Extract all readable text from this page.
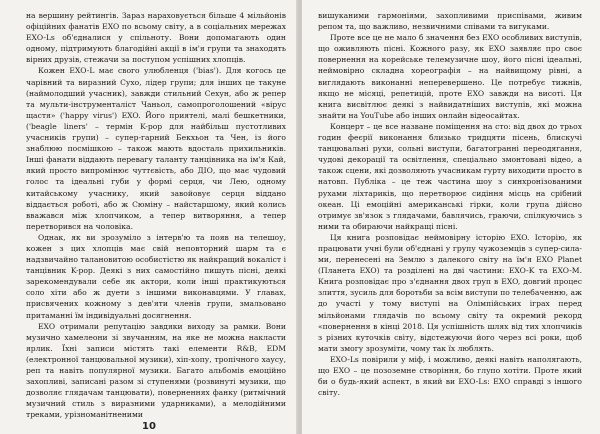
на вершину рейтингів. Зараз нараховується більше 4 мільйонів офіційних фанатів EXO по всьому світу, а в соціальних мережах EXO-Ls об'єдналися у спільноту. Вони допомагають один одному, підтримують благодійні акції в ім'я групи та знаходять вірних друзів, стежачи за поступом успішних хлопців.

Кожен EXO-L має свого улюбленця ('bias'). Для когось це чарівний та виразний Сухо, лідер групи; для інших це такуне (наймолодший учасник), завжди стильний Сехун, або ж репер та мульти-інструменталіст Чаньол, самопроголошений «вірус щастя» ('happy virus') EXO. Його приятелі, малі бешкетники, ('beagle liners' – термін K-pop для найбільш пустотливих учасників групи) – супер-гарний Бекхьон та Чен, із його знаблюю посмішкою – також мають вдосталь прихильників. Інші фанати віддають перевагу таланту танцівника на ім'я Кай, який просто випромінює чуттєвість, або ДІО, що має чудовий голос та ідеальні губи у формі серця, чи Лею, одному китайському учаснику, який завойовує серця віддано віддається роботі, або ж Сюміну – найстаршому, який колись вважався між хлопчиком, а тепер витворяння, а тепер перетворився на чоловіка.

Однак, як ви зрозуміло з інтерв'ю та появ на телешоу, кожен з цих хлопців має свій неповторний шарм та є надзвичайно талановитою особистістю як найкращий вокаліст і танцівник K-pop. Деякі з них самостійно пишуть пісні, деякі зарекомендували себе як актори, коли інші практикуються соло хіти або ж дуети з іншими виконавцями. У главах, присвячених кожному з дев'яти членів групи, змальовано притаманні їм індивідуальні досягнення.

EXO отримали репутацію завдяки виходу за рамки. Вони музично хамелеони зі звучанням, на яке не можна накласти ярлик. Їхні записи містять такі елементи R&B, EDM (електронної танцювальної музики), хіп-хопу, тропічного хаусу, реп та навіть популярної музики. Багато альбомів емоційно захопливі, записані разом зі ступенями (розвинуті музики, що дозволяє глядачам танцювати), поверненнях фанку (ритмічний музичний стиль з виразними ударниками), а мелодійними треками, урізноманітненими

10

вишуканими гармоніями, захопливими приспівами, живим репом та, що важливо, незвичними співами та вигуками.

Проте все це не мало б значення без EXO особливих виступів, що оживляють пісні. Кожного разу, як EXO заявляє про своє повернення на корейське телемузичне шоу, його пісні ідеальні, неймовірно складна хореографія – на найвищому рівні, а виглядають виконанні неперевершено. Це потребує тижнів, якщо не місяці, репетицій, проте EXO завжди на висоті. Ця книга висвітлює деякі з найвидатніших виступів, які можна знайти на YouTube або інших онлайн відеосайтах.

Концерт – це все назване поміщення на сто: від двох до трьох годин феєрії виконання близько тридцяти пісень, блискучі танцювальні рухи, сольні виступи, багатогранні переодягання, чудові декорації та освітлення, спеціально змонтовані відео, а також сцени, які дозволяють учасникам гурту виходити просто в натовп. Публіка – це теж частина шоу з синхронізованими рухами ліхтариків, що перетворює сидіння місць на срібний океан. Ці емоційні американські гірки, коли група дійсно отримує зв'язок з глядачами, бавлячись, граючи, спілкуючись з ними та обираючи найкращі пісні.

Ця книга розповідає неймовірну історію EXO. Історію, як працювати учні були об'єднані у групу чужоземців з супер-сила-ми, перенесені на Землю з далекого світу на їм'я EXO Planet (Планета EXO) та розділені на дві частини: EXO-K та EXO-M. Книга розповідає про з'єднання двох груп в EXO, довгий процес злиття, зусиль для боротьби за всім виступи по телебаченню, аж до участі у тому виступі на Олімпійських іграх перед мільйонами глядачів по всьому світу та окремий рекорд «повернення в кінці 2018. Ця успішність шлях від тих хлопчиків з різних куточків світу, відстежуючи його через всі роки, щоб мати змогу зрозуміти, чому так їх люблять.

EXO-Ls повірили у міф, і можливо, деякі навіть наполягають, що EXO – це позоземне створіння, бо глупо хотіти. Проте який би о будь-який аспект, в який ви EXO-Ls: EXO справді з іншого світу.
